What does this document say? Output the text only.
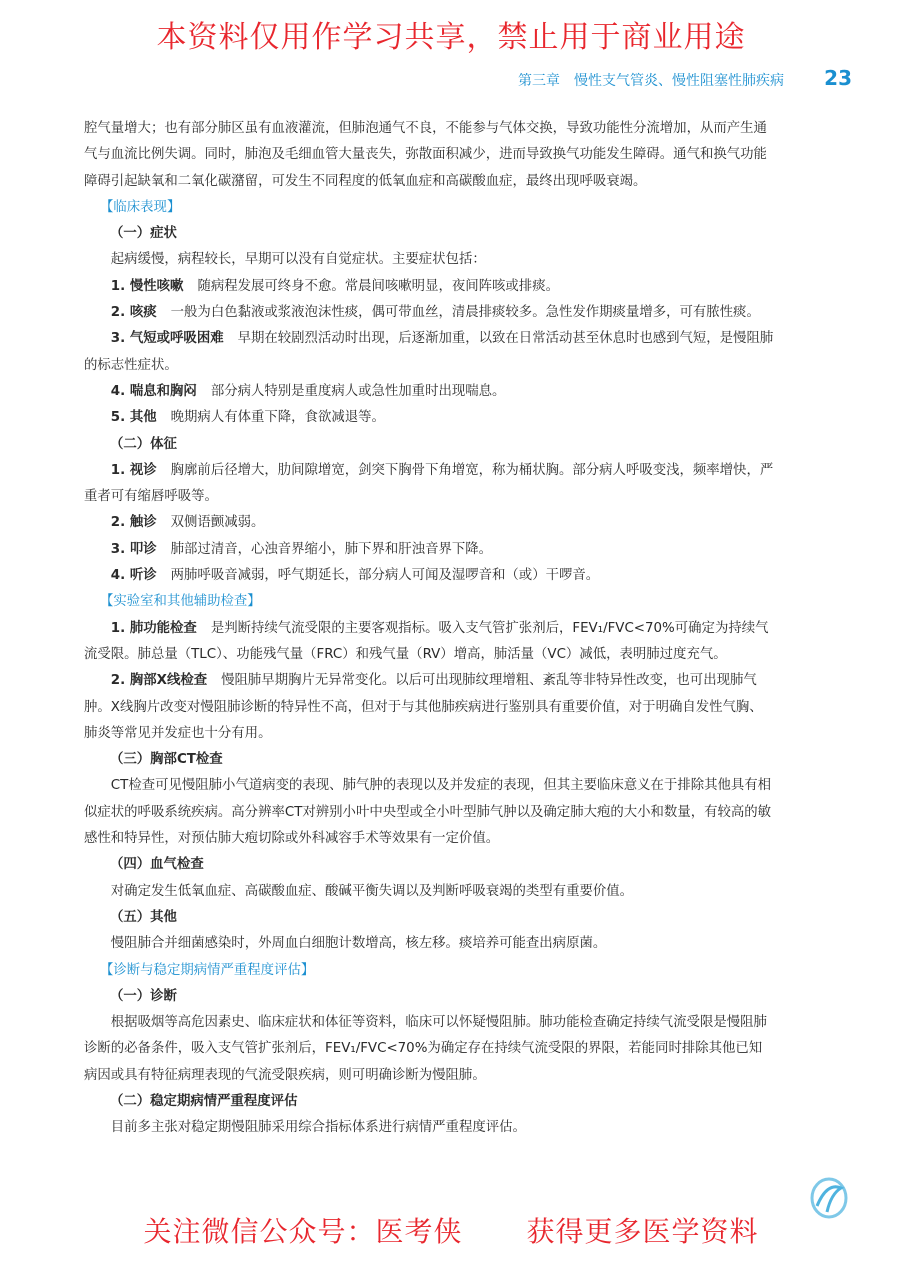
本资料仅用作学习共享，禁止用于商业用途
第三章　慢性支气管炎、慢性阻塞性肺疾病 23

腔气量增大；也有部分肺区虽有血液灌流，但肺泡通气不良，不能参与气体交换，导致功能性分流增加，从而产生通气与血流比例失调。同时，肺泡及毛细血管大量丧失，弥散面积减少，进而导致换气功能发生障碍。通气和换气功能障碍引起缺氧和二氧化碳潴留，可发生不同程度的低氧血症和高碳酸血症，最终出现呼吸衰竭。

【临床表现】

（一）症状

起病缓慢，病程较长，早期可以没有自觉症状。主要症状包括：

1. 慢性咳嗽 随病程发展可终身不愈。常晨间咳嗽明显，夜间阵咳或排痰。

2. 咳痰 一般为白色黏液或浆液泡沫性痰，偶可带血丝，清晨排痰较多。急性发作期痰量增多，可有脓性痰。

3. 气短或呼吸困难 早期在较剧烈活动时出现，后逐渐加重，以致在日常活动甚至休息时也感到气短，是慢阻肺的标志性症状。

4. 喘息和胸闷 部分病人特别是重度病人或急性加重时出现喘息。

5. 其他 晚期病人有体重下降，食欲减退等。

（二）体征

1. 视诊 胸廓前后径增大，肋间隙增宽，剑突下胸骨下角增宽，称为桶状胸。部分病人呼吸变浅，频率增快，严重者可有缩唇呼吸等。

2. 触诊 双侧语颤减弱。

3. 叩诊 肺部过清音，心浊音界缩小，肺下界和肝浊音界下降。

4. 听诊 两肺呼吸音减弱，呼气期延长，部分病人可闻及湿啰音和（或）干啰音。

【实验室和其他辅助检查】

1. 肺功能检查 是判断持续气流受限的主要客观指标。吸入支气管扩张剂后，FEV₁/FVC<70%可确定为持续气流受限。肺总量（TLC）、功能残气量（FRC）和残气量（RV）增高，肺活量（VC）减低，表明肺过度充气。

2. 胸部X线检查 慢阻肺早期胸片无异常变化。以后可出现肺纹理增粗、紊乱等非特异性改变，也可出现肺气肿。X线胸片改变对慢阻肺诊断的特异性不高，但对于与其他肺疾病进行鉴别具有重要价值，对于明确自发性气胸、肺炎等常见并发症也十分有用。

（三）胸部CT检查

CT检查可见慢阻肺小气道病变的表现、肺气肿的表现以及并发症的表现，但其主要临床意义在于排除其他具有相似症状的呼吸系统疾病。高分辨率CT对辨别小叶中央型或全小叶型肺气肿以及确定肺大疱的大小和数量，有较高的敏感性和特异性，对预估肺大疱切除或外科减容手术等效果有一定价值。

（四）血气检查

对确定发生低氧血症、高碳酸血症、酸碱平衡失调以及判断呼吸衰竭的类型有重要价值。

（五）其他

慢阻肺合并细菌感染时，外周血白细胞计数增高，核左移。痰培养可能查出病原菌。

【诊断与稳定期病情严重程度评估】

（一）诊断

根据吸烟等高危因素史、临床症状和体征等资料，临床可以怀疑慢阻肺。肺功能检查确定持续气流受限是慢阻肺诊断的必备条件，吸入支气管扩张剂后，FEV₁/FVC<70%为确定存在持续气流受限的界限，若能同时排除其他已知病因或具有特征病理表现的气流受限疾病，则可明确诊断为慢阻肺。

（二）稳定期病情严重程度评估

目前多主张对稳定期慢阻肺采用综合指标体系进行病情严重程度评估。

关注微信公众号：医考侠 获得更多医学资料
